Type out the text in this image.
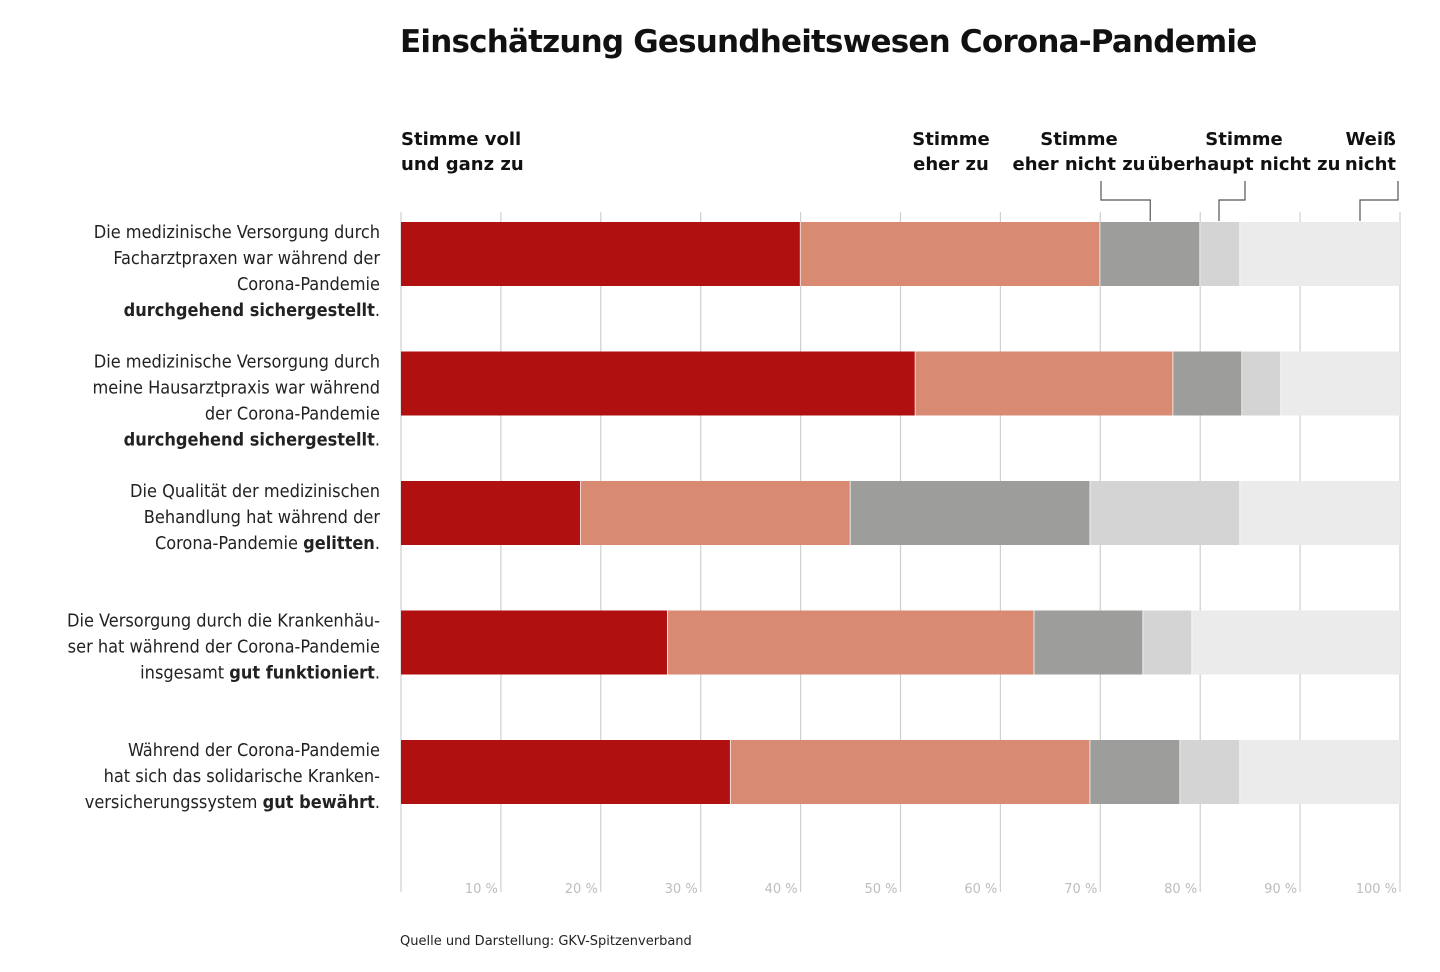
Einschätzung Gesundheitswesen Corona-Pandemie
Die medizinische Versorgung durch
Facharztpraxen war während der
Corona-Pandemie
durchgehend sichergestellt.
Die medizinische Versorgung durch
meine Hausarztpraxis war während
der Corona-Pandemie
durchgehend sichergestellt.
Die Qualität der medizinischen
Behandlung hat während der
Corona-Pandemie gelitten.
Die Versorgung durch die Krankenhäu-
ser hat während der Corona-Pandemie
insgesamt gut funktioniert.
Während der Corona-Pandemie
hat sich das solidarische Kranken-
versicherungssystem gut bewährt.
Stimme voll
und ganz zu
Stimme
eher zu
Stimme
eher nicht zu
Stimme
überhaupt nicht zu
Weiß
nicht
10 %	20 %	30 %	40 %	50 %	60 %	70 %	80 %	90 %	100 %
Quelle und Darstellung: GKV-Spitzenverband
